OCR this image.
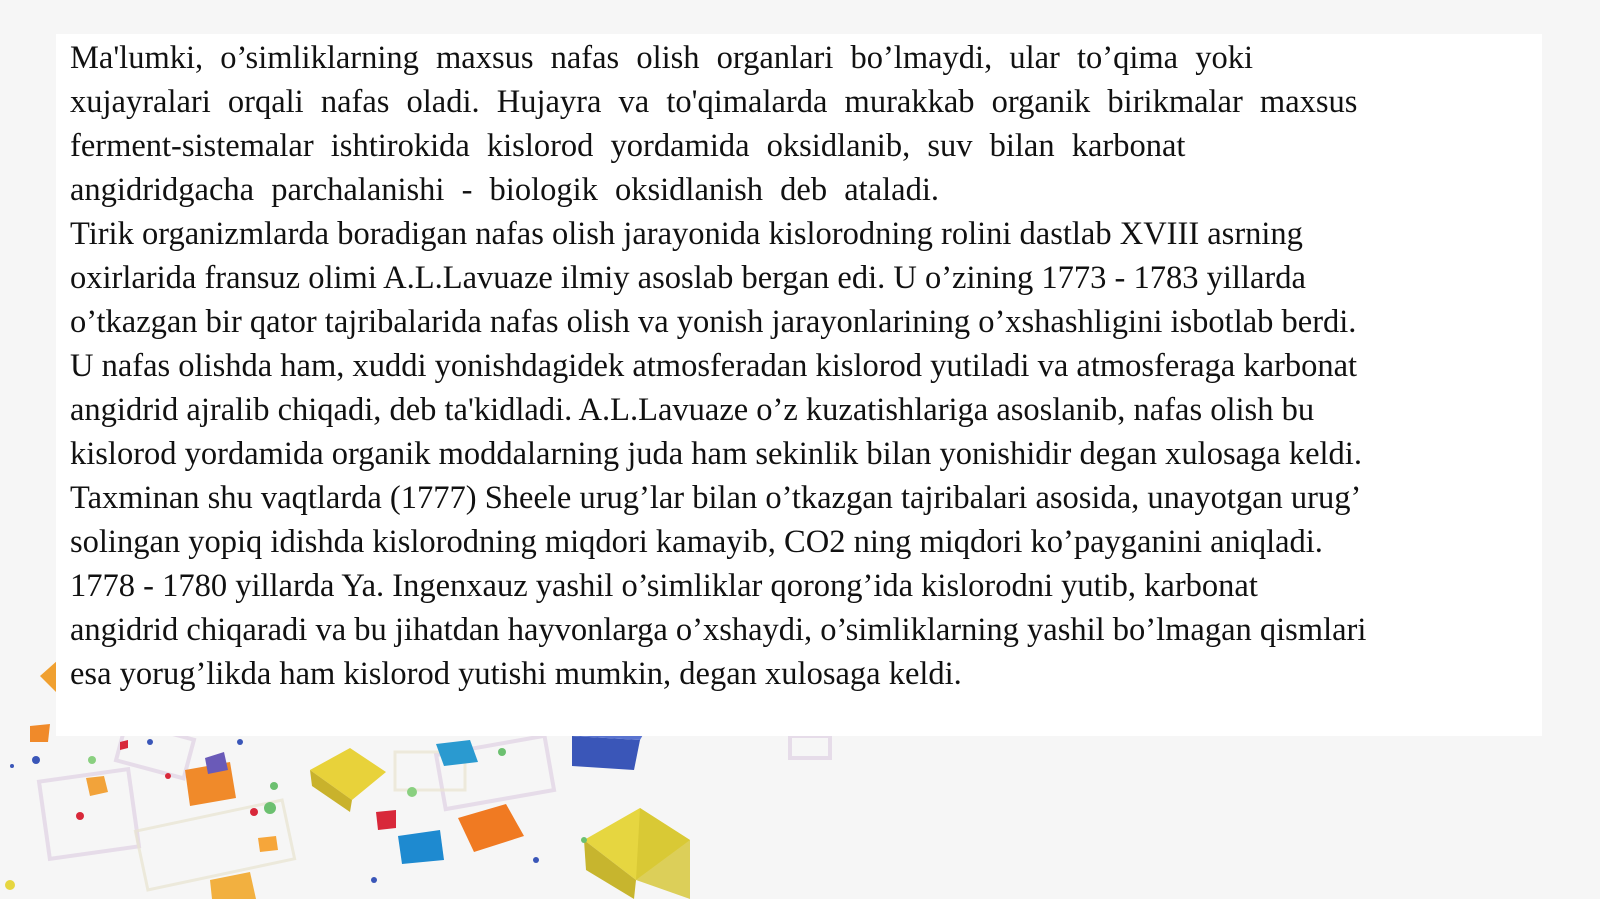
Ma'lumki, o’simliklarning maxsus nafas olish organlari bo’lmaydi, ular to’qima yoki
xujayralari orqali nafas oladi. Hujayra va to'qimalarda murakkab organik birikmalar maxsus
ferment-sistemalar ishtirokida kislorod yordamida oksidlanib, suv bilan karbonat
angidridgacha parchalanishi - biologik oksidlanish deb ataladi.
Tirik organizmlarda boradigan nafas olish jarayonida kislorodning rolini dastlab XVIII asrning
oxirlarida fransuz olimi A.L.Lavuaze ilmiy asoslab bergan edi. U o’zining 1773 - 1783 yillarda
o’tkazgan bir qator tajribalarida nafas olish va yonish jarayonlarining o’xshashligini isbotlab berdi.
U nafas olishda ham, xuddi yonishdagidek atmosferadan kislorod yutiladi va atmosferaga karbonat
angidrid ajralib chiqadi, deb ta'kidladi. A.L.Lavuaze o’z kuzatishlariga asoslanib, nafas olish bu
kislorod yordamida organik moddalarning juda ham sekinlik bilan yonishidir degan xulosaga keldi.
Taxminan shu vaqtlarda (1777) Sheele urug’lar bilan o’tkazgan tajribalari asosida, unayotgan urug’
solingan yopiq idishda kislorodning miqdori kamayib, CO2 ning miqdori ko’payganini aniqladi.
1778 - 1780 yillarda Ya. Ingenxauz yashil o’simliklar qorong’ida kislorodni yutib, karbonat
angidrid chiqaradi va bu jihatdan hayvonlarga o’xshaydi, o’simliklarning yashil bo’lmagan qismlari
esa yorug’likda ham kislorod yutishi mumkin, degan xulosaga keldi.
